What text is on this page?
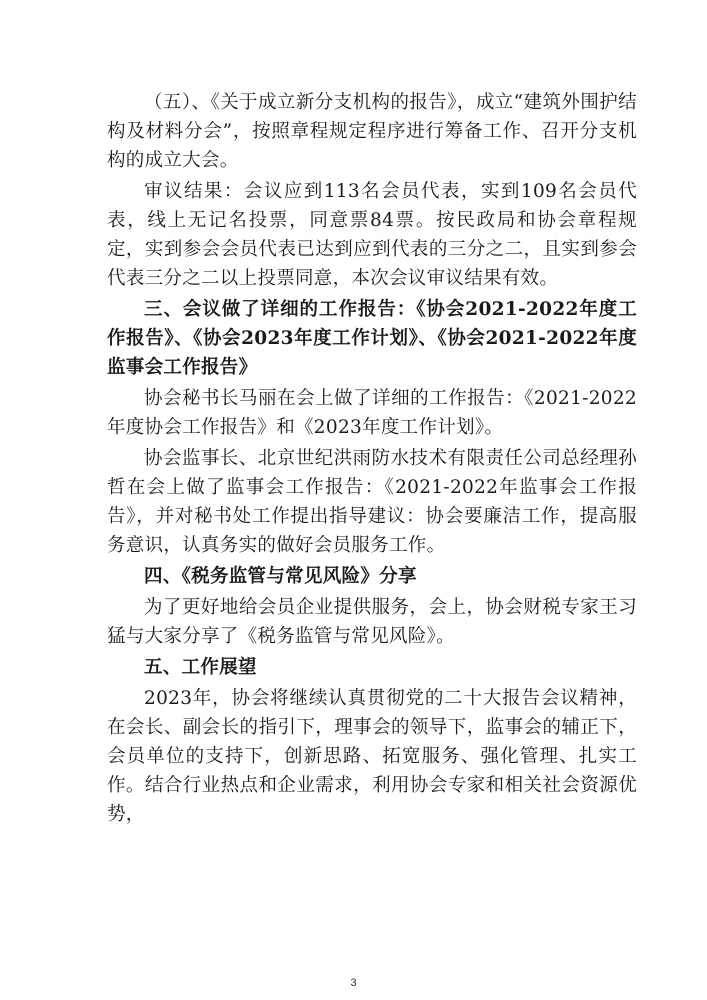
（五）、《关于成立新分支机构的报告》，成立“建筑外围护结构及材料分会”，按照章程规定程序进行筹备工作、召开分支机构的成立大会。

审议结果：会议应到113名会员代表，实到109名会员代表，线上无记名投票，同意票84票。按民政局和协会章程规定，实到参会会员代表已达到应到代表的三分之二，且实到参会代表三分之二以上投票同意，本次会议审议结果有效。

三、会议做了详细的工作报告：《协会2021-2022年度工作报告》、《协会2023年度工作计划》、《协会2021-2022年度监事会工作报告》

协会秘书长马丽在会上做了详细的工作报告：《2021-2022年度协会工作报告》和《2023年度工作计划》。

协会监事长、北京世纪洪雨防水技术有限责任公司总经理孙哲在会上做了监事会工作报告：《2021-2022年监事会工作报告》，并对秘书处工作提出指导建议：协会要廉洁工作，提高服务意识，认真务实的做好会员服务工作。

四、《税务监管与常见风险》分享

为了更好地给会员企业提供服务，会上，协会财税专家王习猛与大家分享了《税务监管与常见风险》。

五、工作展望

2023年，协会将继续认真贯彻党的二十大报告会议精神，在会长、副会长的指引下，理事会的领导下，监事会的辅正下，会员单位的支持下，创新思路、拓宽服务、强化管理、扎实工作。结合行业热点和企业需求，利用协会专家和相关社会资源优势，

3
